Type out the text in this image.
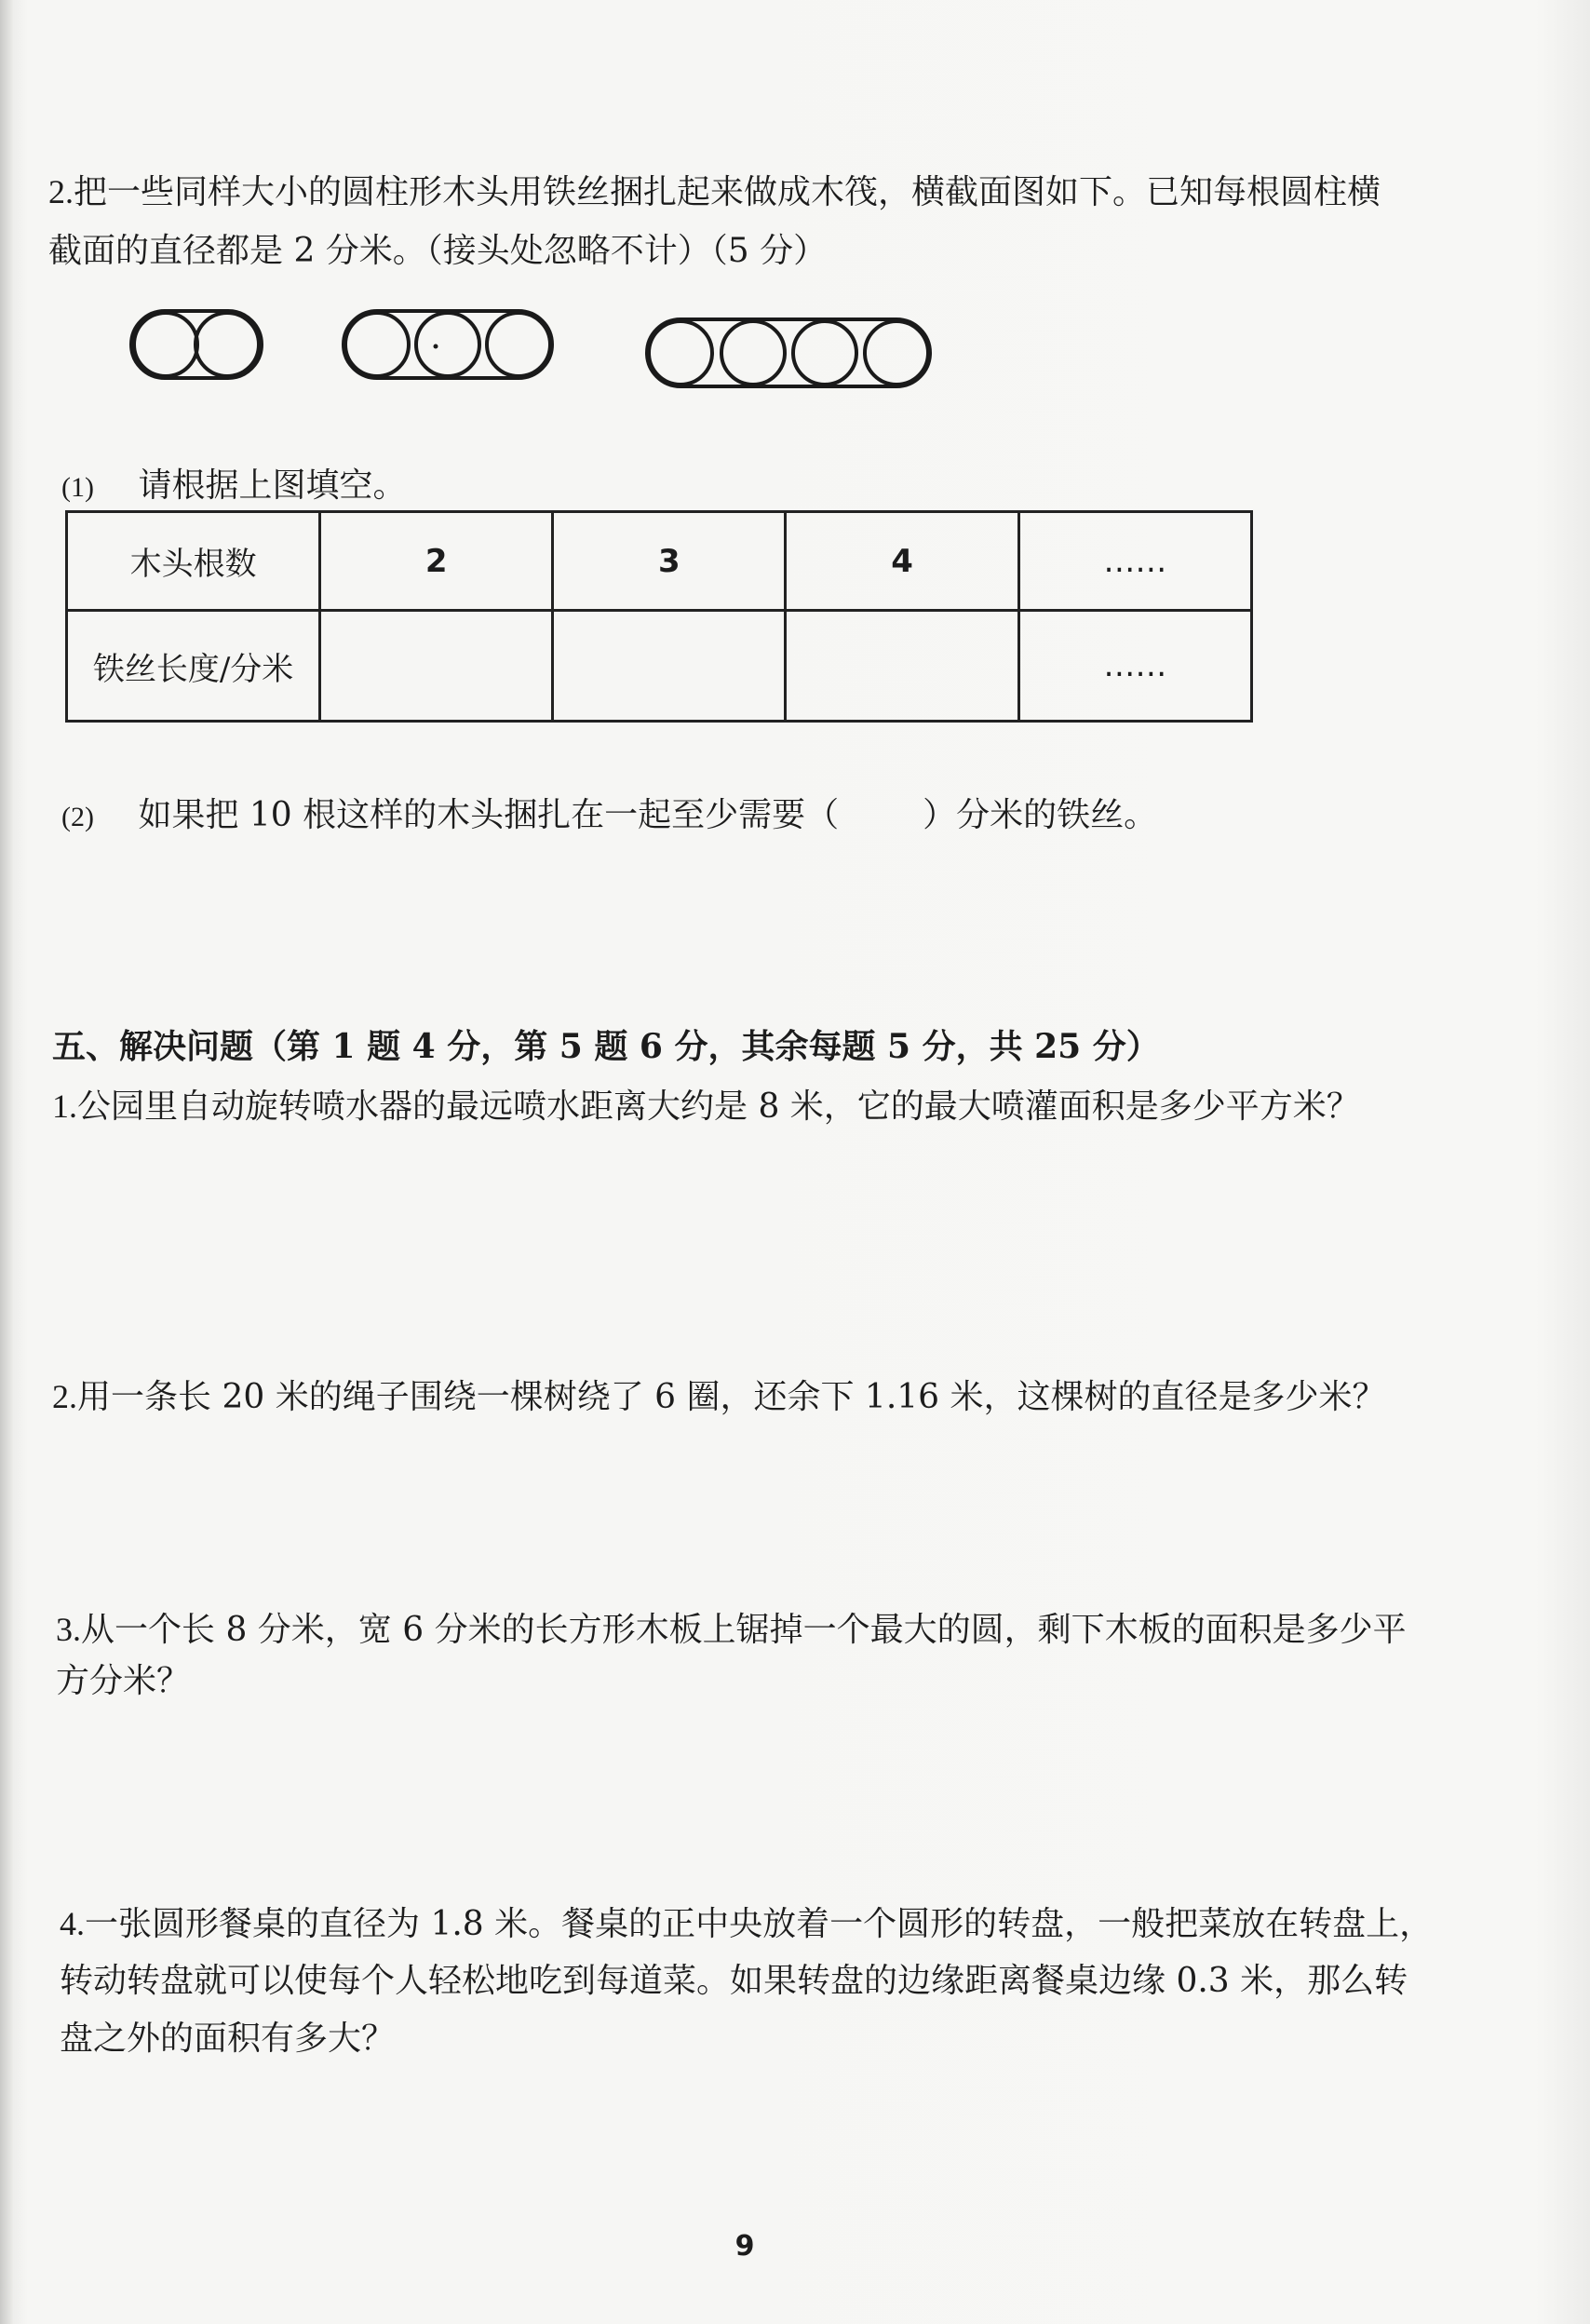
2.把一些同样大小的圆柱形木头用铁丝捆扎起来做成木筏，横截面图如下。已知每根圆柱横
截面的直径都是 2 分米。（接头处忽略不计）（5 分）
(1) 请根据上图填空。
木头根数	2	3	4	……
铁丝长度/分米				……
(2) 如果把 10 根这样的木头捆扎在一起至少需要（	）分米的铁丝。
五、解决问题（第 1 题 4 分，第 5 题 6 分，其余每题 5 分，共 25 分）
1.公园里自动旋转喷水器的最远喷水距离大约是 8 米，它的最大喷灌面积是多少平方米？
2.用一条长 20 米的绳子围绕一棵树绕了 6 圈，还余下 1.16 米，这棵树的直径是多少米？
3.从一个长 8 分米，宽 6 分米的长方形木板上锯掉一个最大的圆，剩下木板的面积是多少平
方分米？
4.一张圆形餐桌的直径为 1.8 米。餐桌的正中央放着一个圆形的转盘，一般把菜放在转盘上，
转动转盘就可以使每个人轻松地吃到每道菜。如果转盘的边缘距离餐桌边缘 0.3 米，那么转
盘之外的面积有多大？
9
